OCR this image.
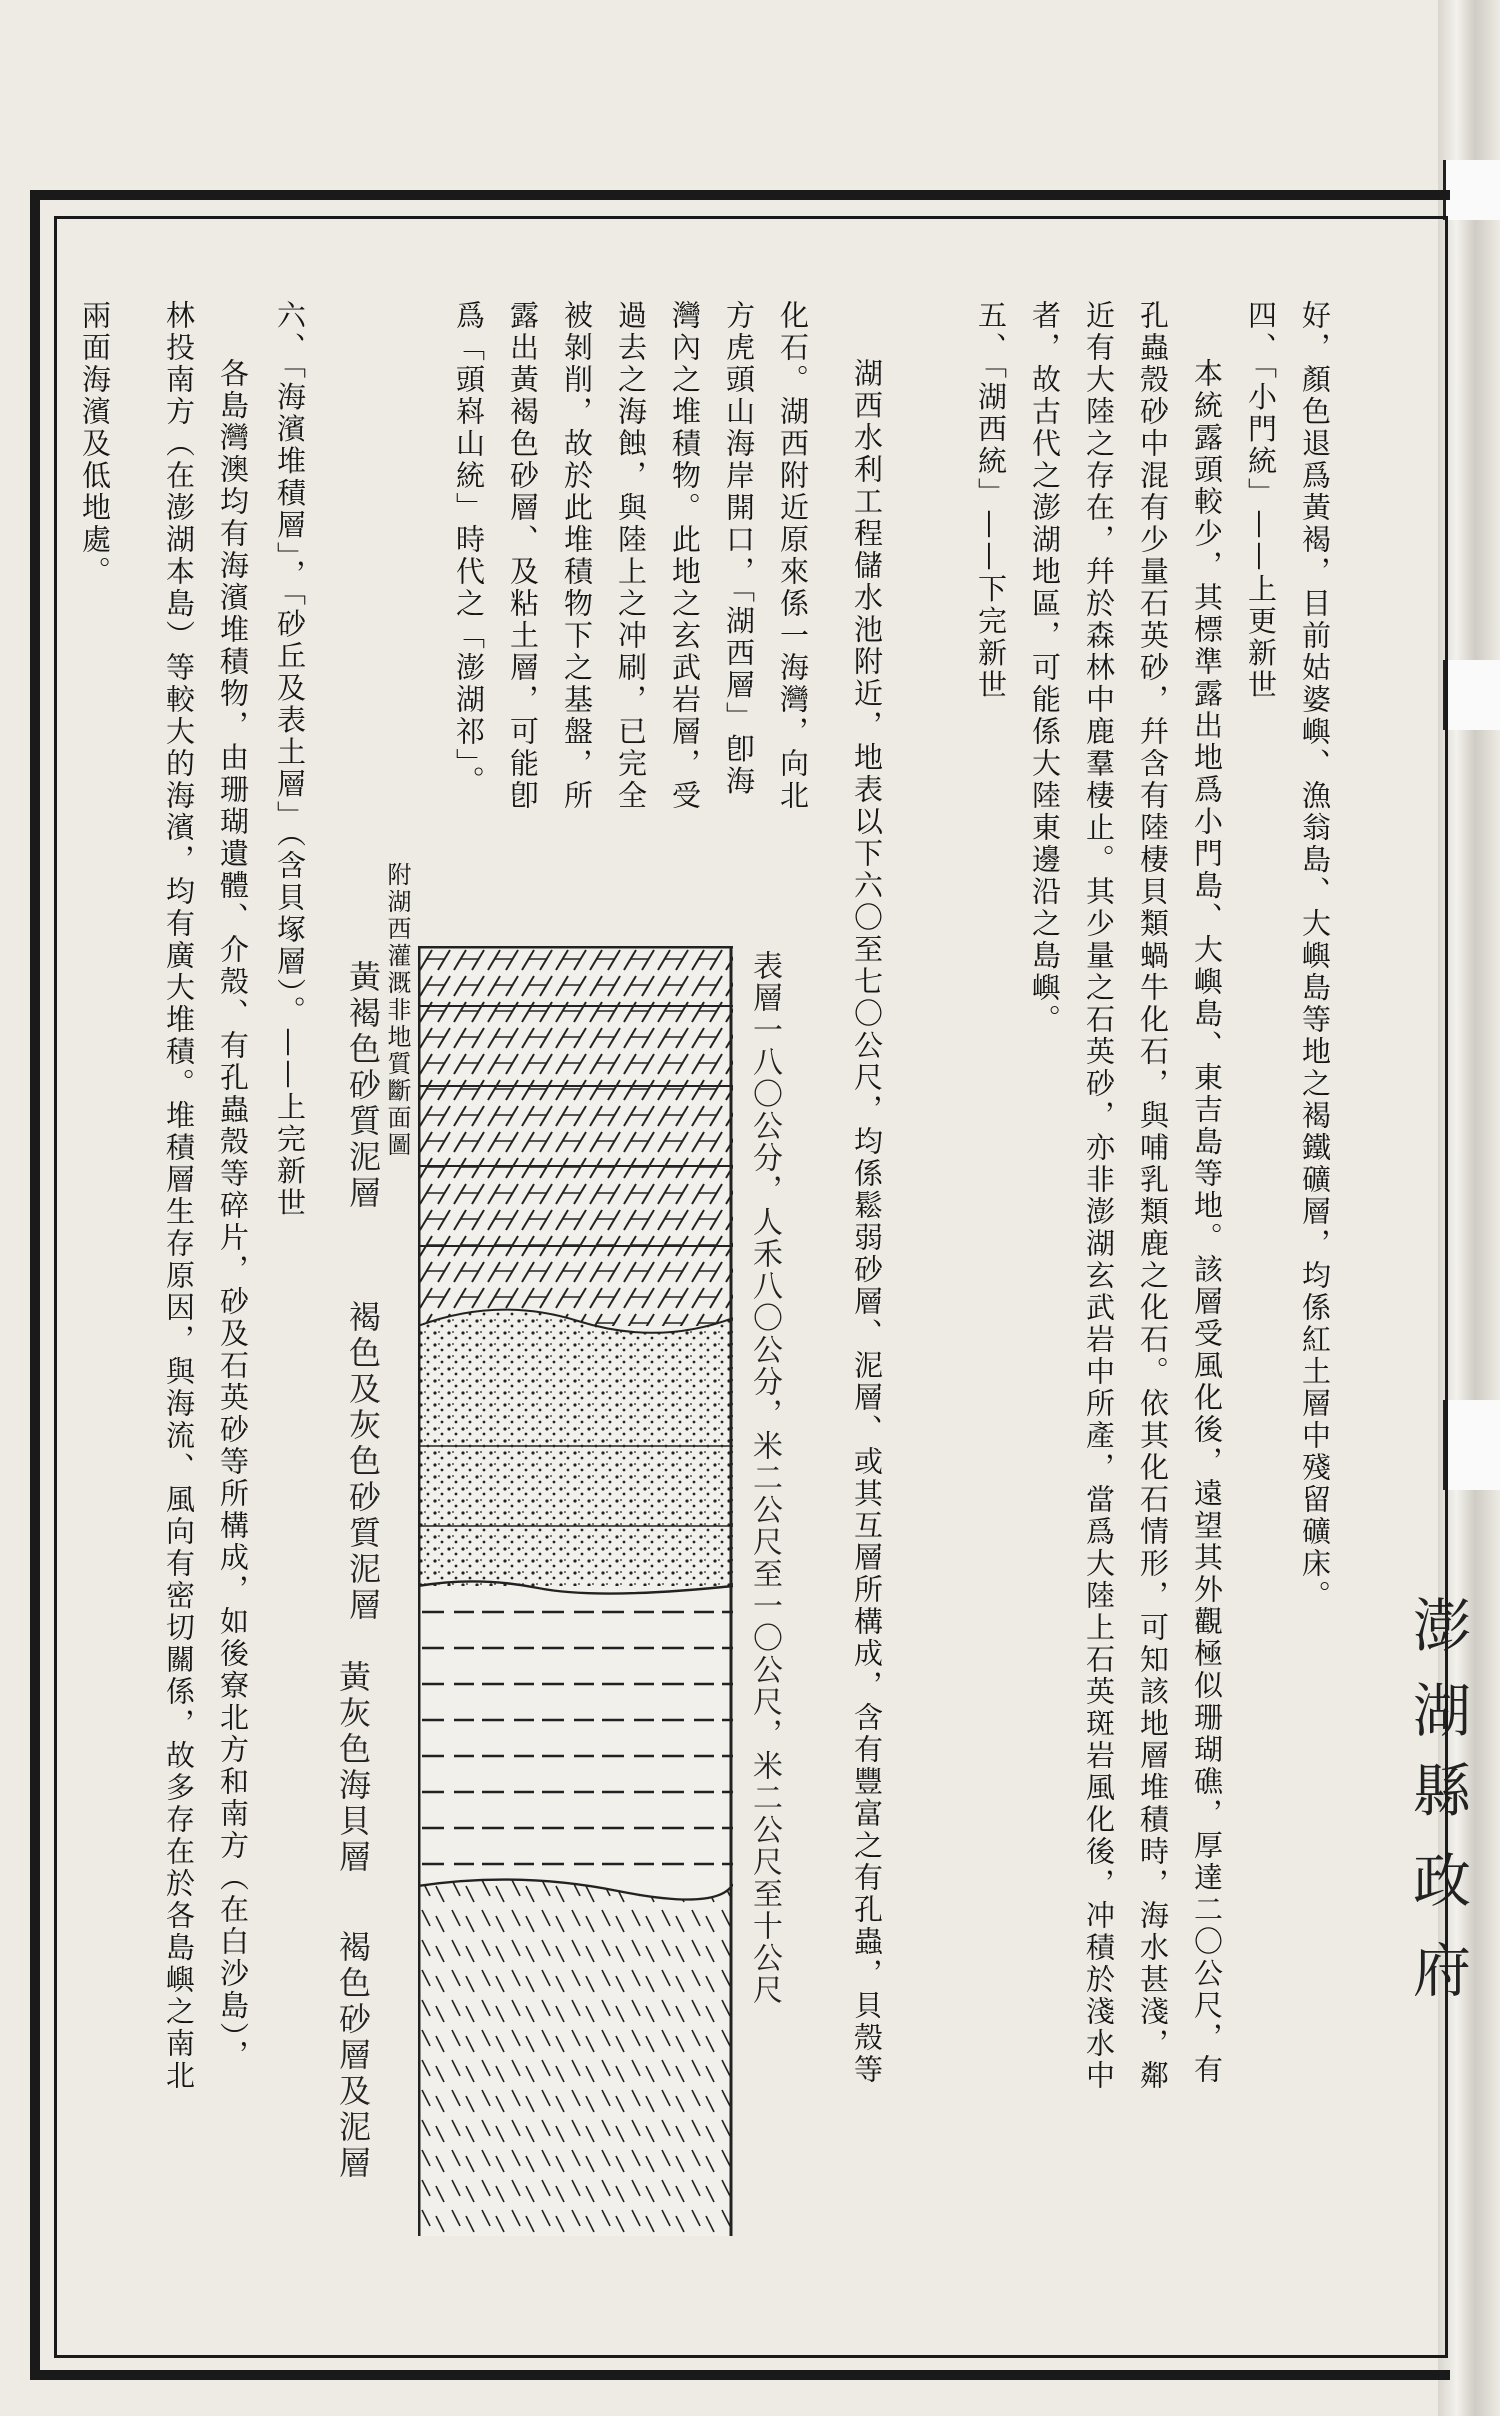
澎
湖
縣
政
府
好，顏色退爲黃褐，目前姑婆嶼、漁翁島、大嶼島等地之褐鐵礦層，均係紅土層中殘留礦床。
四、「小門統」——上更新世
本統露頭較少，其標準露出地爲小門島、大嶼島、東吉島等地。該層受風化後，遠望其外觀極似珊瑚礁，厚達二〇公尺，有
孔蟲殼砂中混有少量石英砂，幷含有陸棲貝類蝸牛化石，與哺乳類鹿之化石。依其化石情形，可知該地層堆積時，海水甚淺，鄰
近有大陸之存在，幷於森林中鹿羣棲止。其少量之石英砂，亦非澎湖玄武岩中所產，當爲大陸上石英斑岩風化後，冲積於淺水中
者，故古代之澎湖地區，可能係大陸東邊沿之島嶼。
五、「湖西統」——下完新世
湖西水利工程儲水池附近，地表以下六〇至七〇公尺，均係鬆弱砂層、泥層、或其互層所構成，含有豐富之有孔蟲，貝殼等
化石。湖西附近原來係一海灣，向北
方虎頭山海岸開口，「湖西層」卽海
灣內之堆積物。此地之玄武岩層，受
過去之海蝕，與陸上之冲刷，已完全
被剝削，故於此堆積物下之基盤，所
露出黃褐色砂層、及粘土層，可能卽
爲「頭嵙山統」時代之「澎湖祁」。
六、「海濱堆積層」，「砂丘及表土層」（含貝塚層）。——上完新世
各島灣澳均有海濱堆積物，由珊瑚遺體、介殼、有孔蟲殼等碎片，砂及石英砂等所構成，如後寮北方和南方（在白沙島），
林投南方（在澎湖本島）等較大的海濱，均有廣大堆積。堆積層生存原因，與海流、風向有密切關係，故多存在於各島嶼之南北
兩面海濱及低地處。
附湖西灌溉非地質斷面圖	表層一八〇公分，人禾八〇公分，米二公尺至一〇公尺，米二公尺至十公尺
黃褐色砂質泥層
褐色及灰色砂質泥層
黃灰色海貝層
褐色砂層及泥層
